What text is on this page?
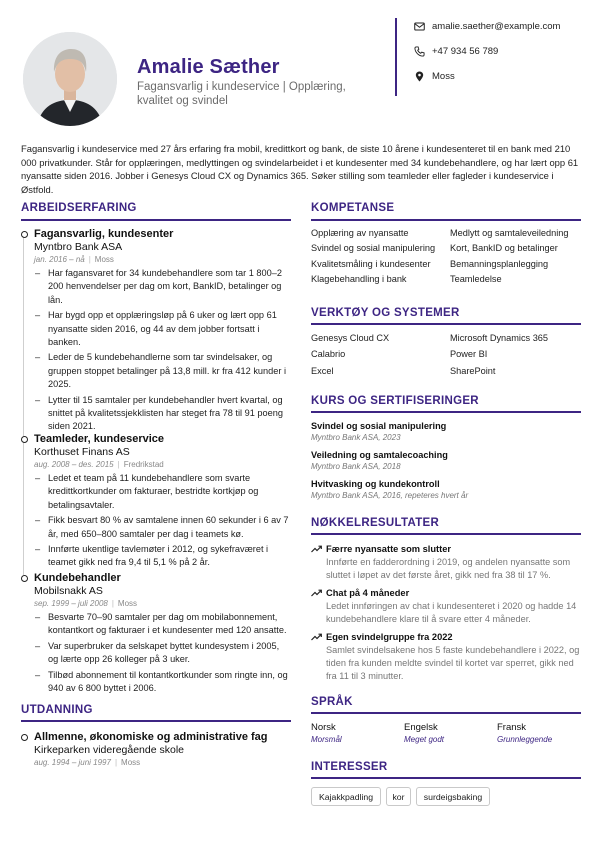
Amalie Sæther
Fagansvarlig i kundeservice | Opplæring, kvalitet og svindel
amalie.saether@example.com
+47 934 56 789
Moss
Fagansvarlig i kundeservice med 27 års erfaring fra mobil, kredittkort og bank, de siste 10 årene i kundesenteret til en bank med 210 000 privatkunder. Står for opplæringen, medlyttingen og svindelarbeidet i et kundesenter med 34 kundebehandlere, og har lært opp 61 nyansatte siden 2016. Jobber i Genesys Cloud CX og Dynamics 365. Søker stilling som teamleder eller fagleder i kundeservice i Østfold.
ARBEIDSERFARING
Fagansvarlig, kundesenter
Myntbro Bank ASA
jan. 2016 – nå | Moss
– Har fagansvaret for 34 kundebehandlere som tar 1 800–2 200 henvendelser per dag om kort, BankID, betalinger og lån.
– Har bygd opp et opplæringsløp på 6 uker og lært opp 61 nyansatte siden 2016, og 44 av dem jobber fortsatt i banken.
– Leder de 5 kundebehandlerne som tar svindelsaker, og gruppen stoppet betalinger på 13,8 mill. kr fra 412 kunder i 2025.
– Lytter til 15 samtaler per kundebehandler hvert kvartal, og snittet på kvalitetssjekklisten har steget fra 78 til 91 poeng siden 2021.
Teamleder, kundeservice
Korthuset Finans AS
aug. 2008 – des. 2015 | Fredrikstad
– Ledet et team på 11 kundebehandlere som svarte kredittkortkunder om fakturaer, bestridte kortkjøp og betalingsavtaler.
– Fikk besvart 80 % av samtalene innen 60 sekunder i 6 av 7 år, med 650–800 samtaler per dag i teamets kø.
– Innførte ukentlige tavlemøter i 2012, og sykefraværet i teamet gikk ned fra 9,4 til 5,1 % på 2 år.
Kundebehandler
Mobilsnakk AS
sep. 1999 – juli 2008 | Moss
– Besvarte 70–90 samtaler per dag om mobilabonnement, kontantkort og fakturaer i et kundesenter med 120 ansatte.
– Var superbruker da selskapet byttet kundesystem i 2005, og lærte opp 26 kolleger på 3 uker.
– Tilbød abonnement til kontantkortkunder som ringte inn, og 940 av 6 800 byttet i 2006.
UTDANNING
Allmenne, økonomiske og administrative fag
Kirkeparken videregående skole
aug. 1994 – juni 1997 | Moss
KOMPETANSE
Opplæring av nyansatte	Medlytt og samtaleveiledning
Svindel og sosial manipulering	Kort, BankID og betalinger
Kvalitetsmåling i kundesenter	Bemanningsplanlegging
Klagebehandling i bank	Teamledelse
VERKTØY OG SYSTEMER
Genesys Cloud CX	Microsoft Dynamics 365
Calabrio	Power BI
Excel	SharePoint
KURS OG SERTIFISERINGER
Svindel og sosial manipulering
Myntbro Bank ASA, 2023
Veiledning og samtalecoaching
Myntbro Bank ASA, 2018
Hvitvasking og kundekontroll
Myntbro Bank ASA, 2016, repeteres hvert år
NØKKELRESULTATER
Færre nyansatte som slutter
Innførte en fadderordning i 2019, og andelen nyansatte som sluttet i løpet av det første året, gikk ned fra 38 til 17 %.
Chat på 4 måneder
Ledet innføringen av chat i kundesenteret i 2020 og hadde 14 kundebehandlere klare til å svare etter 4 måneder.
Egen svindelgruppe fra 2022
Samlet svindelsakene hos 5 faste kundebehandlere i 2022, og tiden fra kunden meldte svindel til kortet var sperret, gikk ned fra 11 til 3 minutter.
SPRÅK
Norsk
Morsmål
Engelsk
Meget godt
Fransk
Grunnleggende
INTERESSER
Kajakkpadling	kor	surdeigsbaking
